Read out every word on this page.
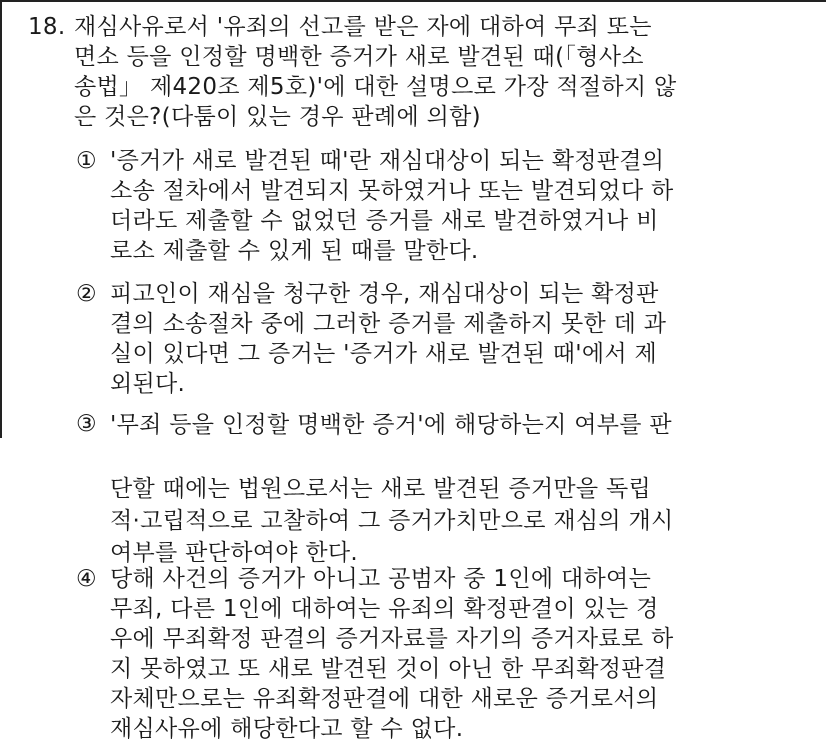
18. 재심사유로서 '유죄의 선고를 받은 자에 대하여 무죄 또는
면소 등을 인정할 명백한 증거가 새로 발견된 때(「형사소
송법」 제420조 제5호)'에 대한 설명으로 가장 적절하지 않
은 것은?(다툼이 있는 경우 판례에 의함)
① '증거가 새로 발견된 때'란 재심대상이 되는 확정판결의
소송 절차에서 발견되지 못하였거나 또는 발견되었다 하
더라도 제출할 수 없었던 증거를 새로 발견하였거나 비
로소 제출할 수 있게 된 때를 말한다.
② 피고인이 재심을 청구한 경우, 재심대상이 되는 확정판
결의 소송절차 중에 그러한 증거를 제출하지 못한 데 과
실이 있다면 그 증거는 '증거가 새로 발견된 때'에서 제
외된다.
③ '무죄 등을 인정할 명백한 증거'에 해당하는지 여부를 판

단할 때에는 법원으로서는 새로 발견된 증거만을 독립
적·고립적으로 고찰하여 그 증거가치만으로 재심의 개시
여부를 판단하여야 한다.
④ 당해 사건의 증거가 아니고 공범자 중 1인에 대하여는
무죄, 다른 1인에 대하여는 유죄의 확정판결이 있는 경
우에 무죄확정 판결의 증거자료를 자기의 증거자료로 하
지 못하였고 또 새로 발견된 것이 아닌 한 무죄확정판결
자체만으로는 유죄확정판결에 대한 새로운 증거로서의
재심사유에 해당한다고 할 수 없다.
